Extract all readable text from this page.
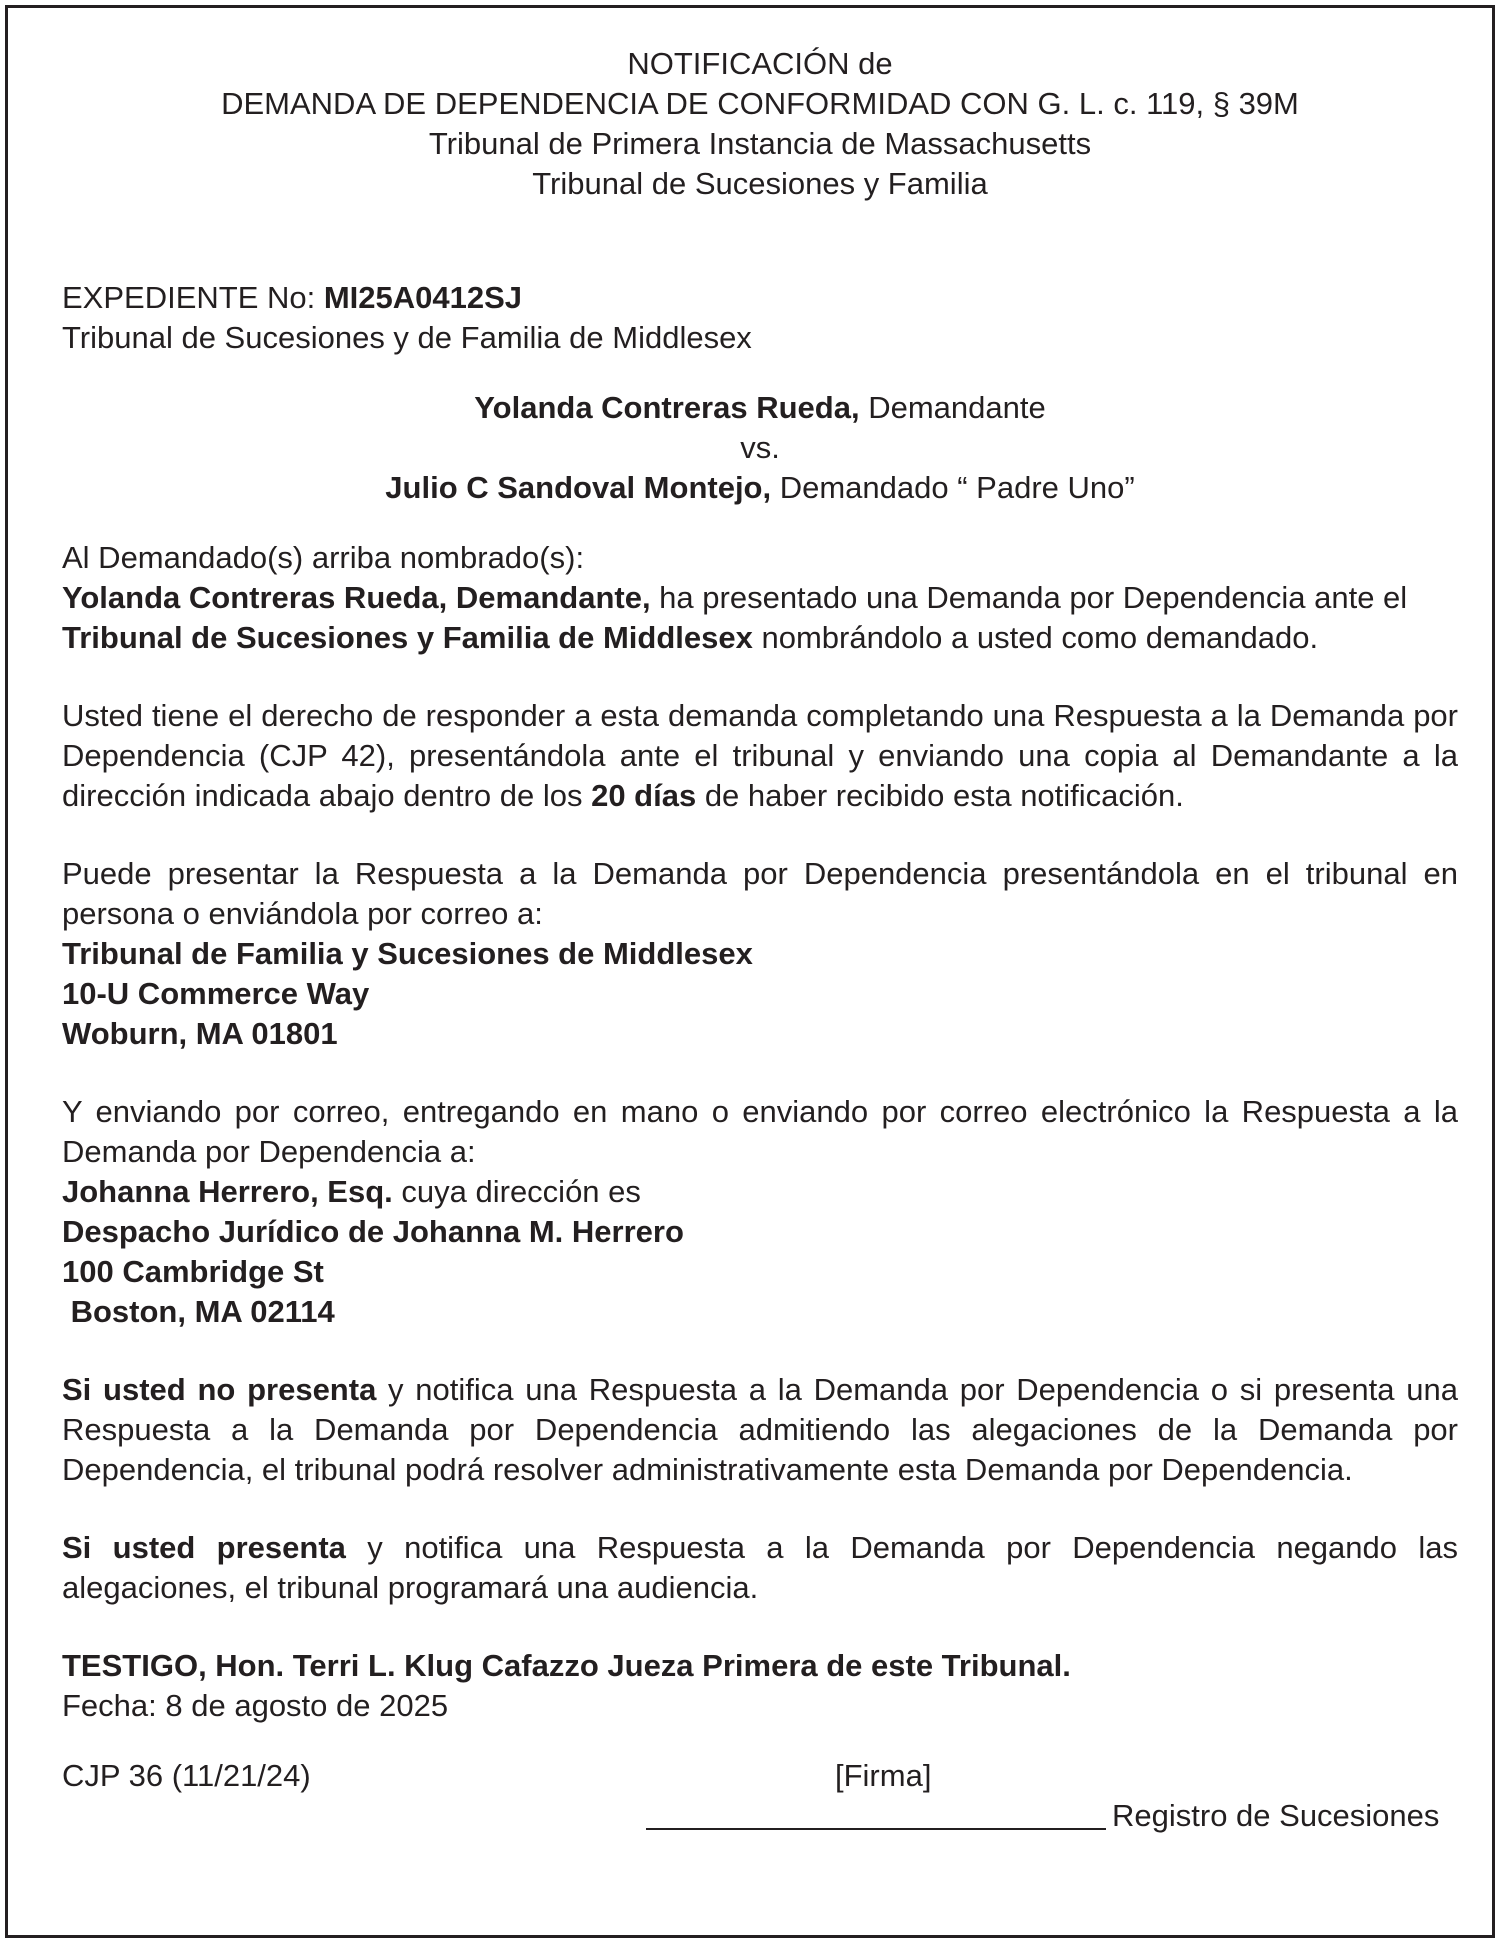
NOTIFICACIÓN de
DEMANDA DE DEPENDENCIA DE CONFORMIDAD CON G. L. c. 119, § 39M
Tribunal de Primera Instancia de Massachusetts
Tribunal de Sucesiones y Familia
EXPEDIENTE No: MI25A0412SJ
Tribunal de Sucesiones y de Familia de Middlesex
Yolanda Contreras Rueda, Demandante
vs.
Julio C Sandoval Montejo, Demandado “ Padre Uno”
Al Demandado(s) arriba nombrado(s):

Yolanda Contreras Rueda, Demandante, ha presentado una Demanda por Dependencia ante el Tribunal de Sucesiones y Familia de Middlesex nombrándolo a usted como demandado.

Usted tiene el derecho de responder a esta demanda completando una Respuesta a la Demanda por Dependencia (CJP 42), presentándola ante el tribunal y enviando una copia al Demandante a la dirección indicada abajo dentro de los 20 días de haber recibido esta notificación.

Puede presentar la Respuesta a la Demanda por Dependencia presentándola en el tribunal en persona o enviándola por correo a:

Tribunal de Familia y Sucesiones de Middlesex
10-U Commerce Way
Woburn, MA 01801

Y enviando por correo, entregando en mano o enviando por correo electrónico la Respuesta a la Demanda por Dependencia a:

Johanna Herrero, Esq. cuya dirección es
Despacho Jurídico de Johanna M. Herrero
100 Cambridge St
Boston, MA 02114

Si usted no presenta y notifica una Respuesta a la Demanda por Dependencia o si presenta una Respuesta a la Demanda por Dependencia admitiendo las alegaciones de la Demanda por Dependencia, el tribunal podrá resolver administrativamente esta Demanda por Dependencia.

Si usted presenta y notifica una Respuesta a la Demanda por Dependencia negando las alegaciones, el tribunal programará una audiencia.

TESTIGO, Hon. Terri L. Klug Cafazzo Jueza Primera de este Tribunal.
Fecha: 8 de agosto de 2025
CJP 36 (11/21/24)	[Firma]
Registro de Sucesiones
